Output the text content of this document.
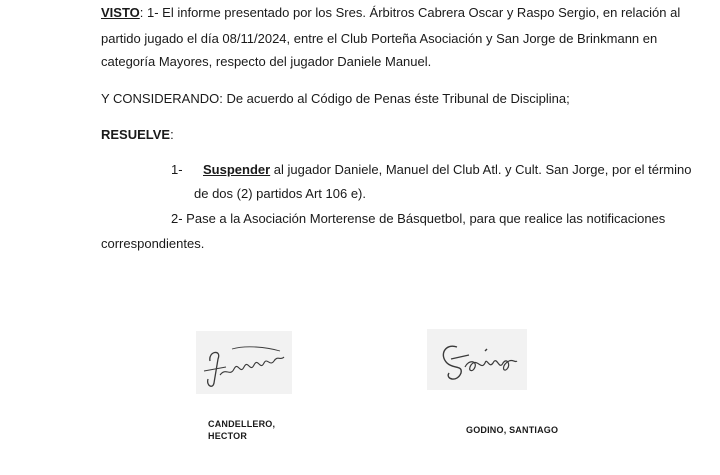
VISTO: 1- El informe presentado por los Sres. Árbitros Cabrera Oscar y Raspo Sergio, en relación al
partido jugado el día 08/11/2024, entre el Club Porteña Asociación y San Jorge de Brinkmann en
categoría Mayores, respecto del jugador Daniele Manuel.
Y CONSIDERANDO: De acuerdo al Código de Penas éste Tribunal de Disciplina;
RESUELVE:
1- Suspender al jugador Daniele, Manuel del Club Atl. y Cult. San Jorge, por el término
de dos (2) partidos Art 106 e).
2- Pase a la Asociación Morterense de Básquetbol, para que realice las notificaciones
correspondientes.
CANDELLERO,
HECTOR
GODINO, SANTIAGO
